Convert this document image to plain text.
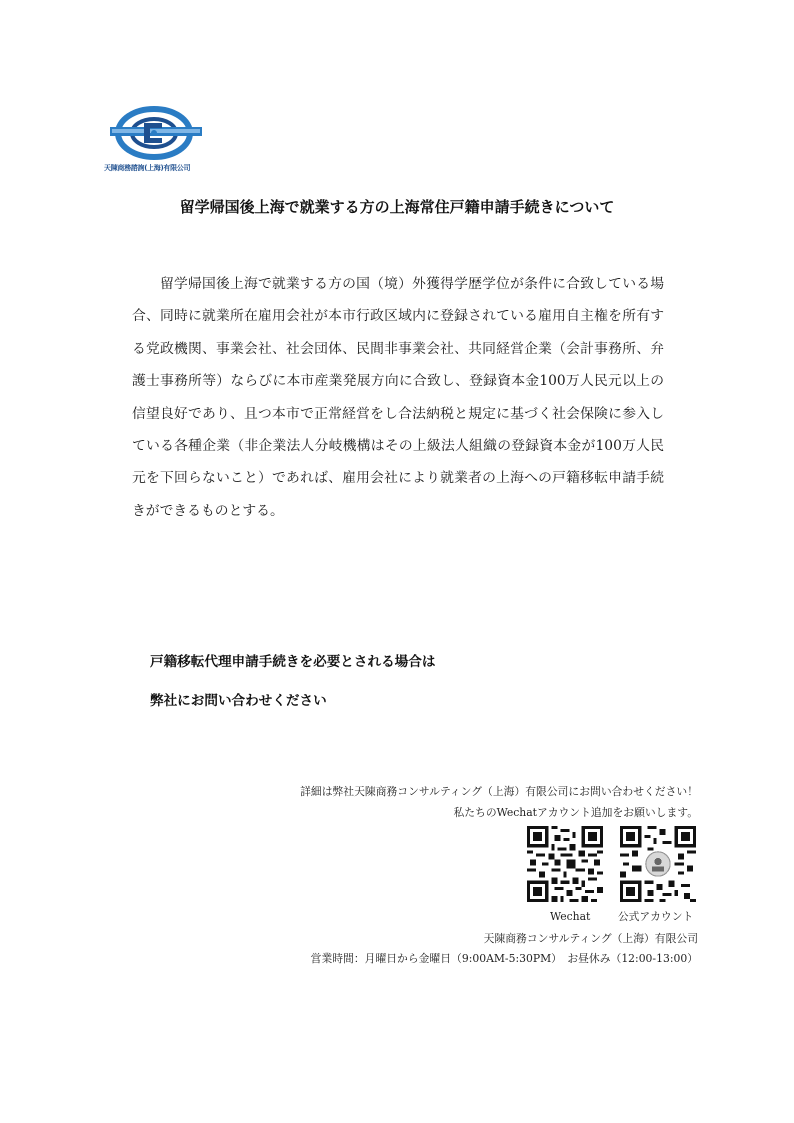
天陳商務諮詢(上海)有限公司
留学帰国後上海で就業する方の上海常住戸籍申請手続きについて

留学帰国後上海で就業する方の国（境）外獲得学歴学位が条件に合致している場合、同時に就業所在雇用会社が本市行政区域内に登録されている雇用自主権を所有する党政機関、事業会社、社会団体、民間非事業会社、共同経営企業（会計事務所、弁護士事務所等）ならびに本市産業発展方向に合致し、登録資本金100万人民元以上の信望良好であり、且つ本市で正常経営をし合法納税と規定に基づく社会保険に参入している各種企業（非企業法人分岐機構はその上級法人組織の登録資本金が100万人民元を下回らないこと）であれば、雇用会社により就業者の上海への戸籍移転申請手続きができるものとする。

戸籍移転代理申請手続きを必要とされる場合は
弊社にお問い合わせください
詳細は弊社天陳商務コンサルティング（上海）有限公司にお問い合わせください！
私たちのWechatアカウント追加をお願いします。
Wechat	公式アカウント
天陳商務コンサルティング（上海）有限公司
営業時間：月曜日から金曜日（9:00AM-5:30PM）　お昼休み（12:00-13:00）
